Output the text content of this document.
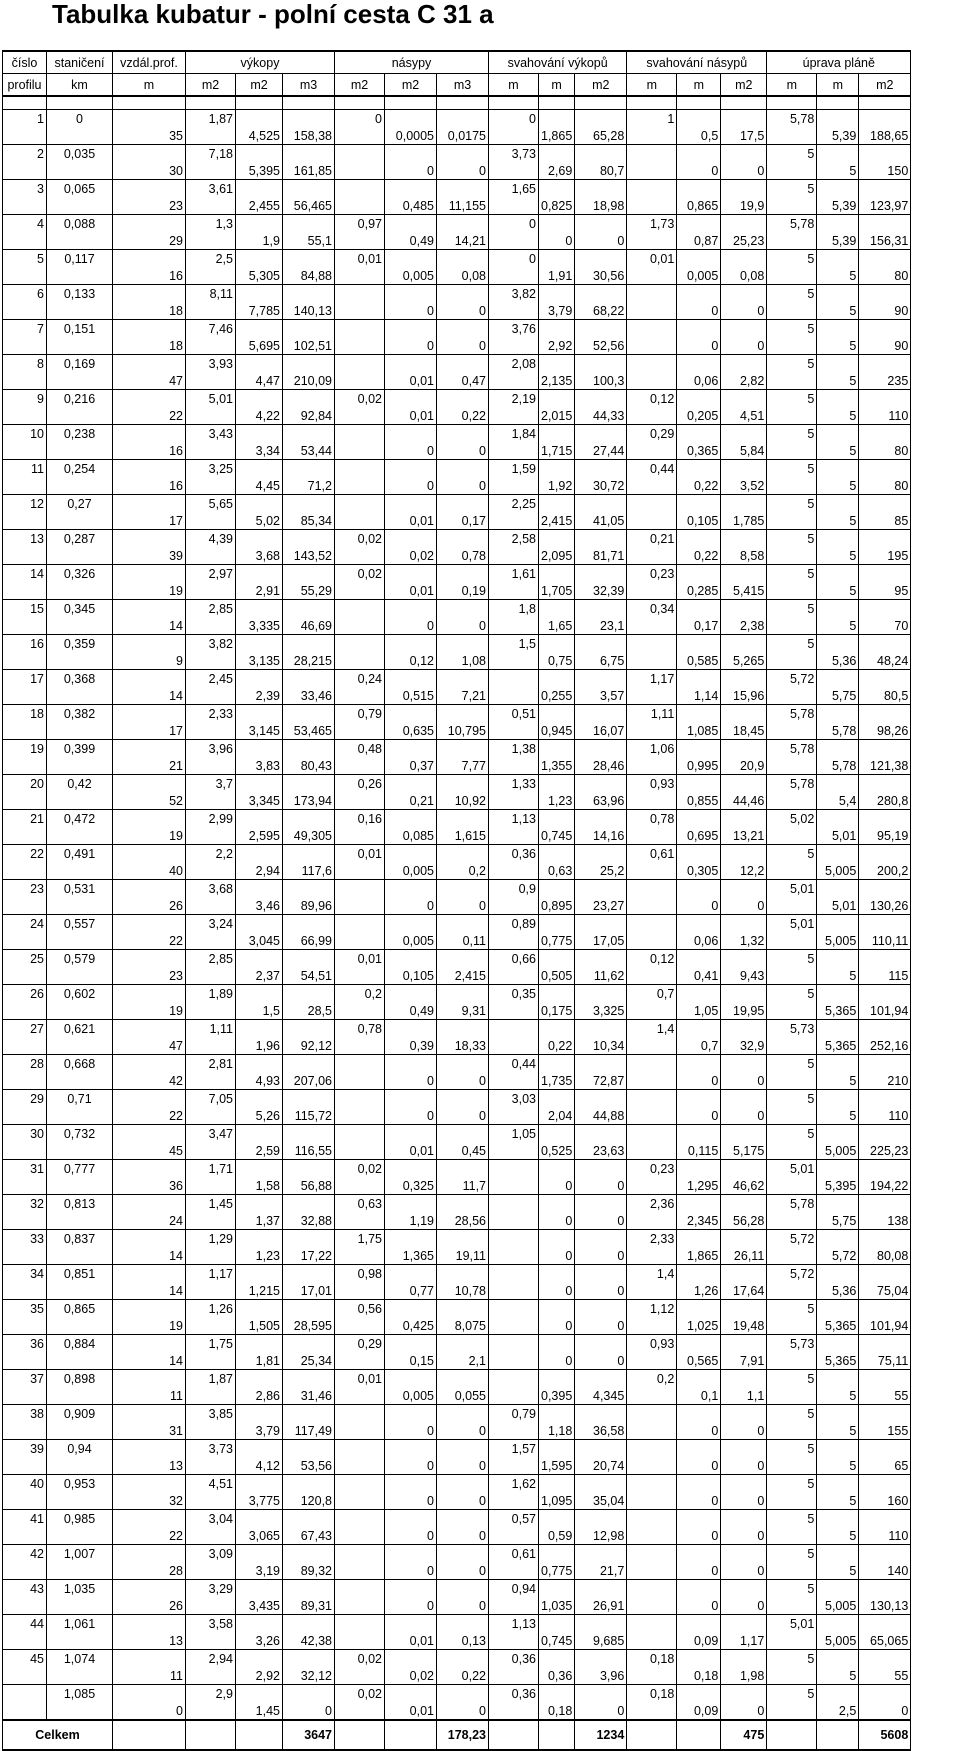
Tabulka kubatur - polní cesta C 31 a
číslo	staničení	vzdál.prof.	výkopy			násypy			svahování výkopů			svahování násypů			úprava pláně		
profilu	km	m	m2	m2	m3	m2	m2	m3	m	m	m2	m	m	m2	m	m	m2

1	0		1,87			0			0			1			5,78		
		35		4,525	158,38		0,0005	0,0175		1,865	65,28		0,5	17,5		5,39	188,65
2	0,035		7,18						3,73						5		
		30		5,395	161,85		0	0		2,69	80,7		0	0		5	150
3	0,065		3,61						1,65						5		
		23		2,455	56,465		0,485	11,155		0,825	18,98		0,865	19,9		5,39	123,97
4	0,088		1,3			0,97			0			1,73			5,78		
		29		1,9	55,1		0,49	14,21		0	0		0,87	25,23		5,39	156,31
5	0,117		2,5			0,01			0			0,01			5		
		16		5,305	84,88		0,005	0,08		1,91	30,56		0,005	0,08		5	80
6	0,133		8,11						3,82						5		
		18		7,785	140,13		0	0		3,79	68,22		0	0		5	90
7	0,151		7,46						3,76						5		
		18		5,695	102,51		0	0		2,92	52,56		0	0		5	90
8	0,169		3,93						2,08						5		
		47		4,47	210,09		0,01	0,47		2,135	100,3		0,06	2,82		5	235
9	0,216		5,01			0,02			2,19			0,12			5		
		22		4,22	92,84		0,01	0,22		2,015	44,33		0,205	4,51		5	110
10	0,238		3,43						1,84			0,29			5		
		16		3,34	53,44		0	0		1,715	27,44		0,365	5,84		5	80
11	0,254		3,25						1,59			0,44			5		
		16		4,45	71,2		0	0		1,92	30,72		0,22	3,52		5	80
12	0,27		5,65						2,25						5		
		17		5,02	85,34		0,01	0,17		2,415	41,05		0,105	1,785		5	85
13	0,287		4,39			0,02			2,58			0,21			5		
		39		3,68	143,52		0,02	0,78		2,095	81,71		0,22	8,58		5	195
14	0,326		2,97			0,02			1,61			0,23			5		
		19		2,91	55,29		0,01	0,19		1,705	32,39		0,285	5,415		5	95
15	0,345		2,85						1,8			0,34			5		
		14		3,335	46,69		0	0		1,65	23,1		0,17	2,38		5	70
16	0,359		3,82						1,5						5		
		9		3,135	28,215		0,12	1,08		0,75	6,75		0,585	5,265		5,36	48,24
17	0,368		2,45			0,24						1,17			5,72		
		14		2,39	33,46		0,515	7,21		0,255	3,57		1,14	15,96		5,75	80,5
18	0,382		2,33			0,79			0,51			1,11			5,78		
		17		3,145	53,465		0,635	10,795		0,945	16,07		1,085	18,45		5,78	98,26
19	0,399		3,96			0,48			1,38			1,06			5,78		
		21		3,83	80,43		0,37	7,77		1,355	28,46		0,995	20,9		5,78	121,38
20	0,42		3,7			0,26			1,33			0,93			5,78		
		52		3,345	173,94		0,21	10,92		1,23	63,96		0,855	44,46		5,4	280,8
21	0,472		2,99			0,16			1,13			0,78			5,02		
		19		2,595	49,305		0,085	1,615		0,745	14,16		0,695	13,21		5,01	95,19
22	0,491		2,2			0,01			0,36			0,61			5		
		40		2,94	117,6		0,005	0,2		0,63	25,2		0,305	12,2		5,005	200,2
23	0,531		3,68						0,9						5,01		
		26		3,46	89,96		0	0		0,895	23,27		0	0		5,01	130,26
24	0,557		3,24						0,89						5,01		
		22		3,045	66,99		0,005	0,11		0,775	17,05		0,06	1,32		5,005	110,11
25	0,579		2,85			0,01			0,66			0,12			5		
		23		2,37	54,51		0,105	2,415		0,505	11,62		0,41	9,43		5	115
26	0,602		1,89			0,2			0,35			0,7			5		
		19		1,5	28,5		0,49	9,31		0,175	3,325		1,05	19,95		5,365	101,94
27	0,621		1,11			0,78						1,4			5,73		
		47		1,96	92,12		0,39	18,33		0,22	10,34		0,7	32,9		5,365	252,16
28	0,668		2,81						0,44						5		
		42		4,93	207,06		0	0		1,735	72,87		0	0		5	210
29	0,71		7,05						3,03						5		
		22		5,26	115,72		0	0		2,04	44,88		0	0		5	110
30	0,732		3,47						1,05						5		
		45		2,59	116,55		0,01	0,45		0,525	23,63		0,115	5,175		5,005	225,23
31	0,777		1,71			0,02						0,23			5,01		
		36		1,58	56,88		0,325	11,7		0	0		1,295	46,62		5,395	194,22
32	0,813		1,45			0,63						2,36			5,78		
		24		1,37	32,88		1,19	28,56		0	0		2,345	56,28		5,75	138
33	0,837		1,29			1,75						2,33			5,72		
		14		1,23	17,22		1,365	19,11		0	0		1,865	26,11		5,72	80,08
34	0,851		1,17			0,98						1,4			5,72		
		14		1,215	17,01		0,77	10,78		0	0		1,26	17,64		5,36	75,04
35	0,865		1,26			0,56						1,12			5		
		19		1,505	28,595		0,425	8,075		0	0		1,025	19,48		5,365	101,94
36	0,884		1,75			0,29						0,93			5,73		
		14		1,81	25,34		0,15	2,1		0	0		0,565	7,91		5,365	75,11
37	0,898		1,87			0,01						0,2			5		
		11		2,86	31,46		0,005	0,055		0,395	4,345		0,1	1,1		5	55
38	0,909		3,85						0,79						5		
		31		3,79	117,49		0	0		1,18	36,58		0	0		5	155
39	0,94		3,73						1,57						5		
		13		4,12	53,56		0	0		1,595	20,74		0	0		5	65
40	0,953		4,51						1,62						5		
		32		3,775	120,8		0	0		1,095	35,04		0	0		5	160
41	0,985		3,04						0,57						5		
		22		3,065	67,43		0	0		0,59	12,98		0	0		5	110
42	1,007		3,09						0,61						5		
		28		3,19	89,32		0	0		0,775	21,7		0	0		5	140
43	1,035		3,29						0,94						5		
		26		3,435	89,31		0	0		1,035	26,91		0	0		5,005	130,13
44	1,061		3,58						1,13						5,01		
		13		3,26	42,38		0,01	0,13		0,745	9,685		0,09	1,17		5,005	65,065
45	1,074		2,94			0,02			0,36			0,18			5		
		11		2,92	32,12		0,02	0,22		0,36	3,96		0,18	1,98		5	55
	1,085		2,9			0,02			0,36			0,18			5		
		0		1,45	0		0,01	0		0,18	0		0,09	0		2,5	0
Celkem					3647			178,23			1234			475			5608
